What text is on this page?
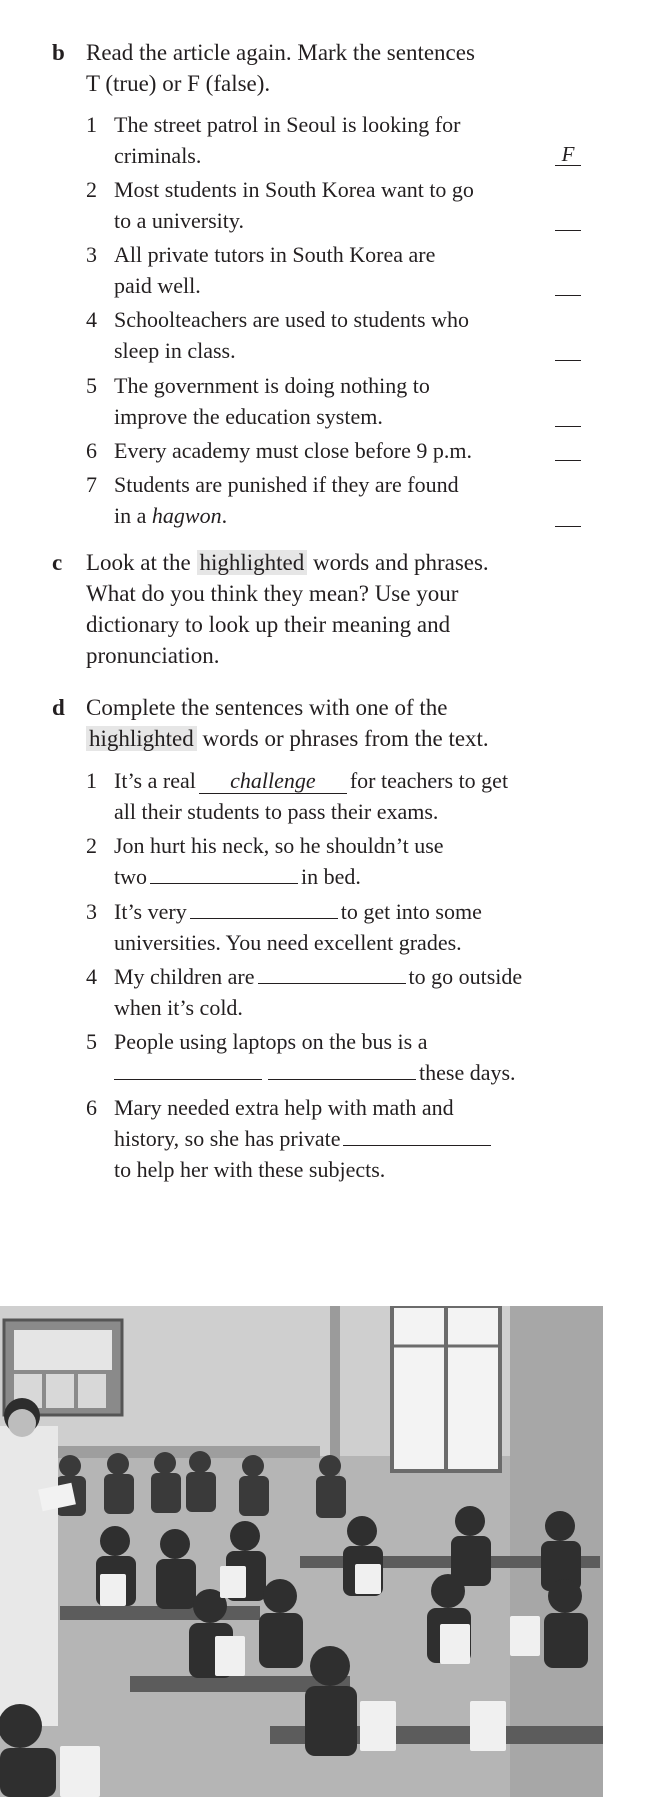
b Read the article again. Mark the sentences
T (true) or F (false).
1 The street patrol in Seoul is looking for
criminals.	F
2 Most students in South Korea want to go
to a university.
3 All private tutors in South Korea are
paid well.
4 Schoolteachers are used to students who
sleep in class.
5 The government is doing nothing to
improve the education system.
6 Every academy must close before 9 p.m.
7 Students are punished if they are found
in a hagwon.
c Look at the highlighted words and phrases.
What do you think they mean? Use your
dictionary to look up their meaning and
pronunciation.
d Complete the sentences with one of the
highlighted words or phrases from the text.
1 It’s a real challenge for teachers to get
all their students to pass their exams.
2 Jon hurt his neck, so he shouldn’t use
two	in bed.
3 It’s very	to get into some
universities. You need excellent grades.
4 My children are	to go outside
when it’s cold.
5 People using laptops on the bus is a
these days.
6 Mary needed extra help with math and
history, so she has private
to help her with these subjects.
